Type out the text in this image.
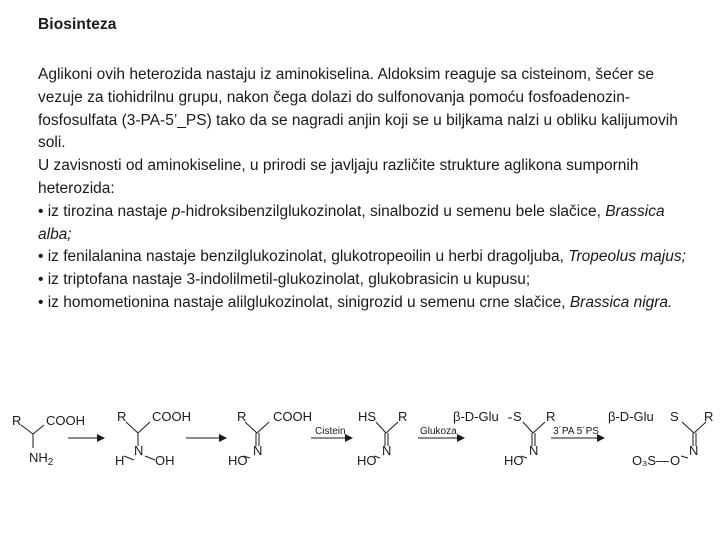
Biosinteza

Aglikoni ovih heterozida nastaju iz aminokiselina. Aldoksim reaguje sa cisteinom, šećer se vezuje za tiohidrilnu grupu, nakon čega dolazi do sulfonovanja pomoću fosfoadenozin-fosfosulfata (3-PA-5’_PS) tako da se nagradi anjin koji se u biljkama nalzi u obliku kalijumovih soli.

U zavisnosti od aminokiseline, u prirodi se javljaju različite strukture aglikona sumpornih heterozida:

• iz tirozina nastaje p-hidroksibenzilglukozinolat, sinalbozid u semenu bele slačice, Brassica alba;

• iz fenilalanina nastaje benzilglukozinolat, glukotropeoilin u herbi dragoljuba, Tropeolus majus;

• iz triptofana nastaje 3-indolilmetil-glukozinolat, glukobrasicin u kupusu;

• iz homometionina nastaje alilglukozinolat, sinigrozid u semenu crne slačice, Brassica nigra.

R COOH
$NH_2$
R COOH
N
H OH
R COOH
N
HO
HS R
N
HO
β-D-Glu S R
N
HO
β-D-Glu S R
N
O₃S — O
Cistein	Glukoza	3´PA 5´PS
